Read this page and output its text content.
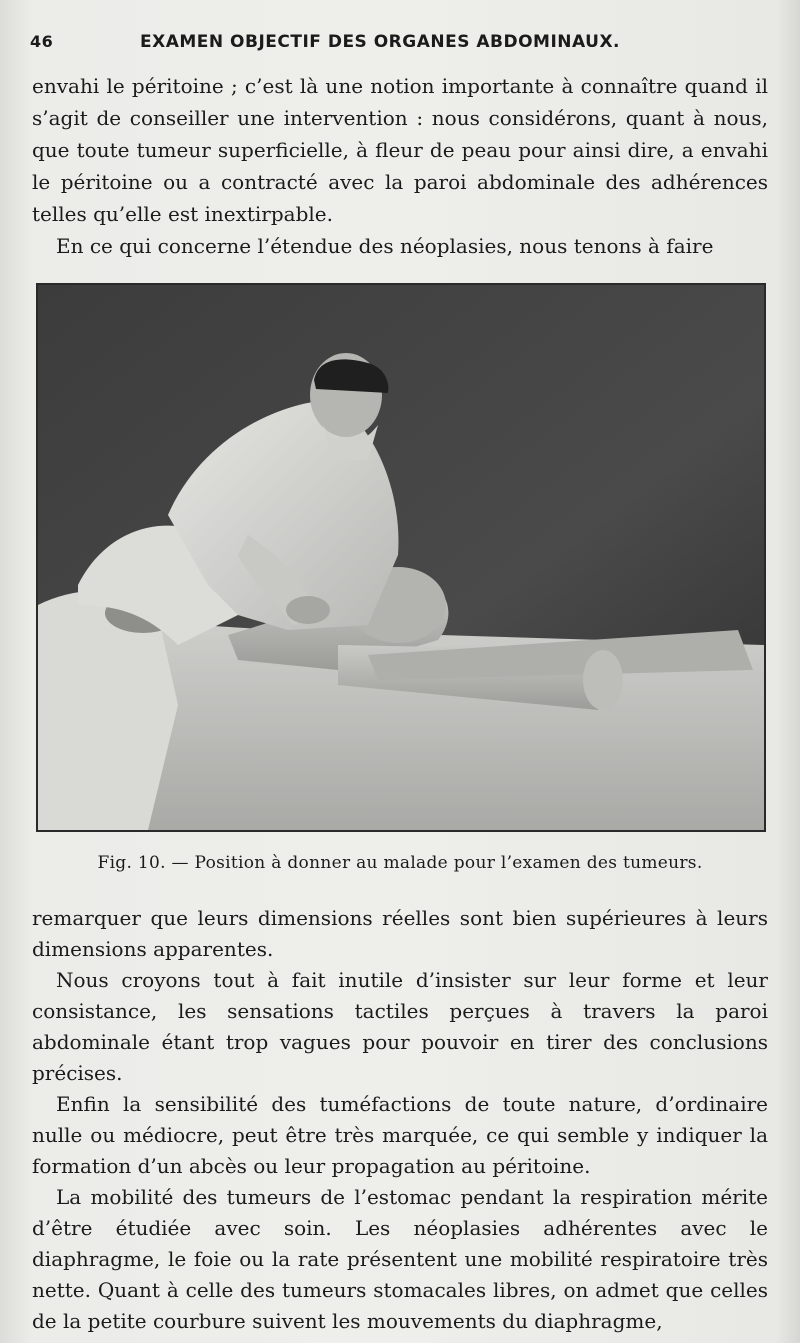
46	EXAMEN OBJECTIF DES ORGANES ABDOMINAUX.

envahi le péritoine ; c’est là une notion importante à connaître quand il s’agit de conseiller une intervention : nous considérons, quant à nous, que toute tumeur superficielle, à fleur de peau pour ainsi dire, a envahi le péritoine ou a contracté avec la paroi abdominale des adhérences telles qu’elle est inextirpable.

En ce qui concerne l’étendue des néoplasies, nous tenons à faire

Fig. 10. — Position à donner au malade pour l’examen des tumeurs.

remarquer que leurs dimensions réelles sont bien supérieures à leurs dimensions apparentes.

Nous croyons tout à fait inutile d’insister sur leur forme et leur consistance, les sensations tactiles perçues à travers la paroi abdominale étant trop vagues pour pouvoir en tirer des conclusions précises.

Enfin la sensibilité des tuméfactions de toute nature, d’ordinaire nulle ou médiocre, peut être très marquée, ce qui semble y indiquer la formation d’un abcès ou leur propagation au péritoine.

La mobilité des tumeurs de l’estomac pendant la respiration mérite d’être étudiée avec soin. Les néoplasies adhérentes avec le diaphragme, le foie ou la rate présentent une mobilité respiratoire très nette. Quant à celle des tumeurs stomacales libres, on admet que celles de la petite courbure suivent les mouvements du diaphragme,
